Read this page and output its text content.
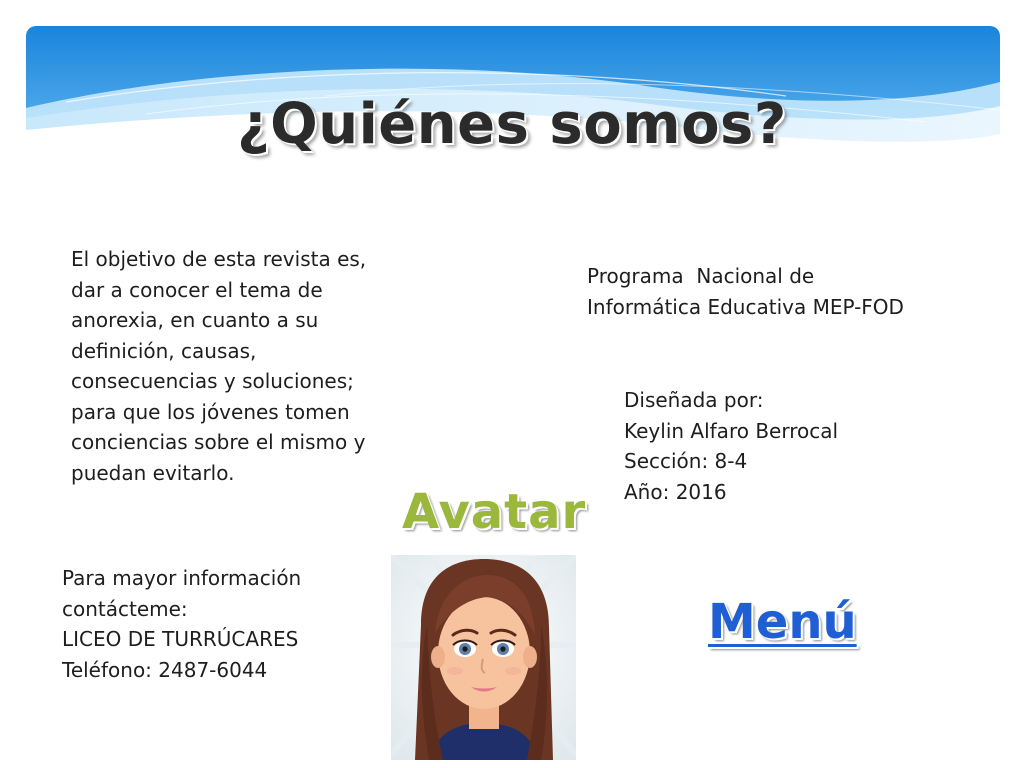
¿Quiénes somos?
El objetivo de esta revista es,
dar a conocer el tema de
anorexia, en cuanto a su
definición, causas,
consecuencias y soluciones;
para que los jóvenes tomen
conciencias sobre el mismo y
puedan evitarlo.
Programa  Nacional de
Informática Educativa MEP-FOD
Diseñada por:
Keylin Alfaro Berrocal
Sección: 8-4
Año: 2016
Para mayor información
contácteme:
LICEO DE TURRÚCARES
Teléfono: 2487-6044
Avatar
Menú
